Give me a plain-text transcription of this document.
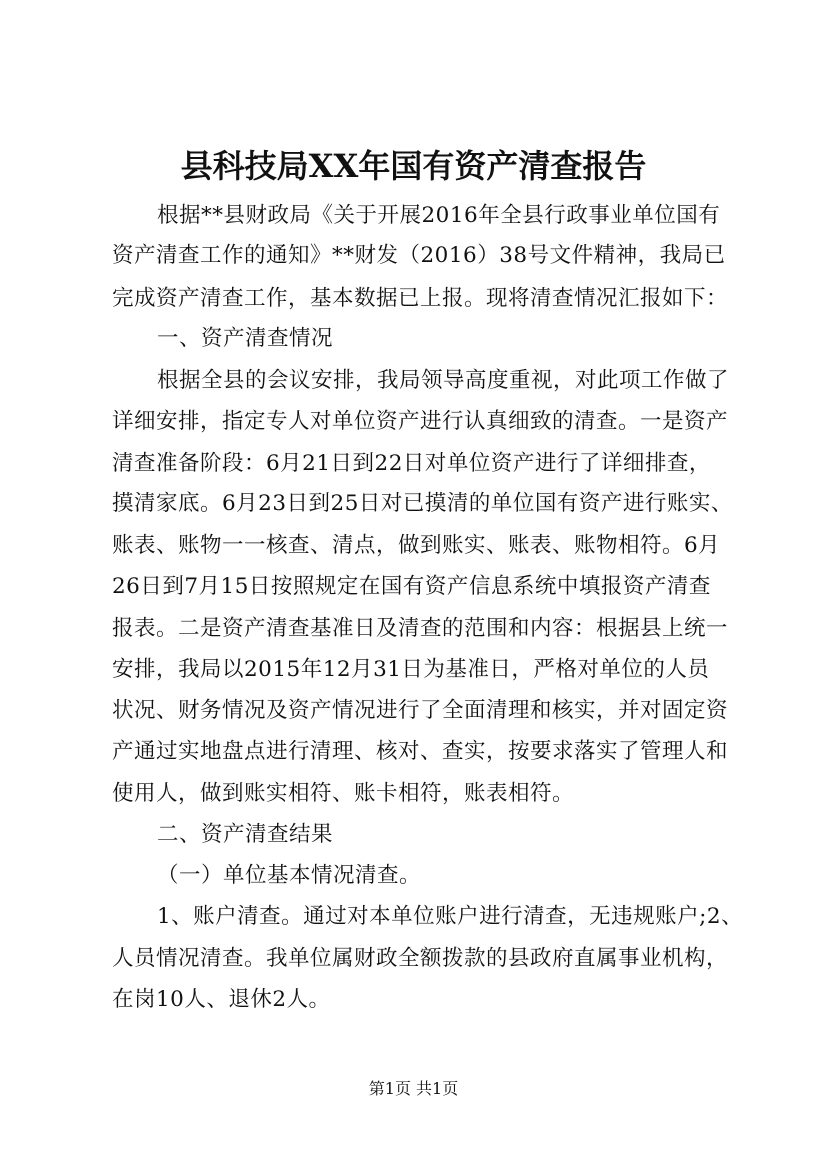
县科技局XX年国有资产清查报告
根据**县财政局《关于开展2016年全县行政事业单位国有
资产清查工作的通知》**财发（2016）38号文件精神，我局已
完成资产清查工作，基本数据已上报。现将清查情况汇报如下：
一、资产清查情况
根据全县的会议安排，我局领导高度重视，对此项工作做了
详细安排，指定专人对单位资产进行认真细致的清查。一是资产
清查准备阶段：6月21日到22日对单位资产进行了详细排查，
摸清家底。6月23日到25日对已摸清的单位国有资产进行账实、
账表、账物一一核查、清点，做到账实、账表、账物相符。6月
26日到7月15日按照规定在国有资产信息系统中填报资产清查
报表。二是资产清查基准日及清查的范围和内容：根据县上统一
安排，我局以2015年12月31日为基准日，严格对单位的人员
状况、财务情况及资产情况进行了全面清理和核实，并对固定资
产通过实地盘点进行清理、核对、查实，按要求落实了管理人和
使用人，做到账实相符、账卡相符，账表相符。
二、资产清查结果
（一）单位基本情况清查。
1、账户清查。通过对本单位账户进行清查，无违规账户;2、
人员情况清查。我单位属财政全额拨款的县政府直属事业机构，
在岗10人、退休2人。
第1页 共1页
